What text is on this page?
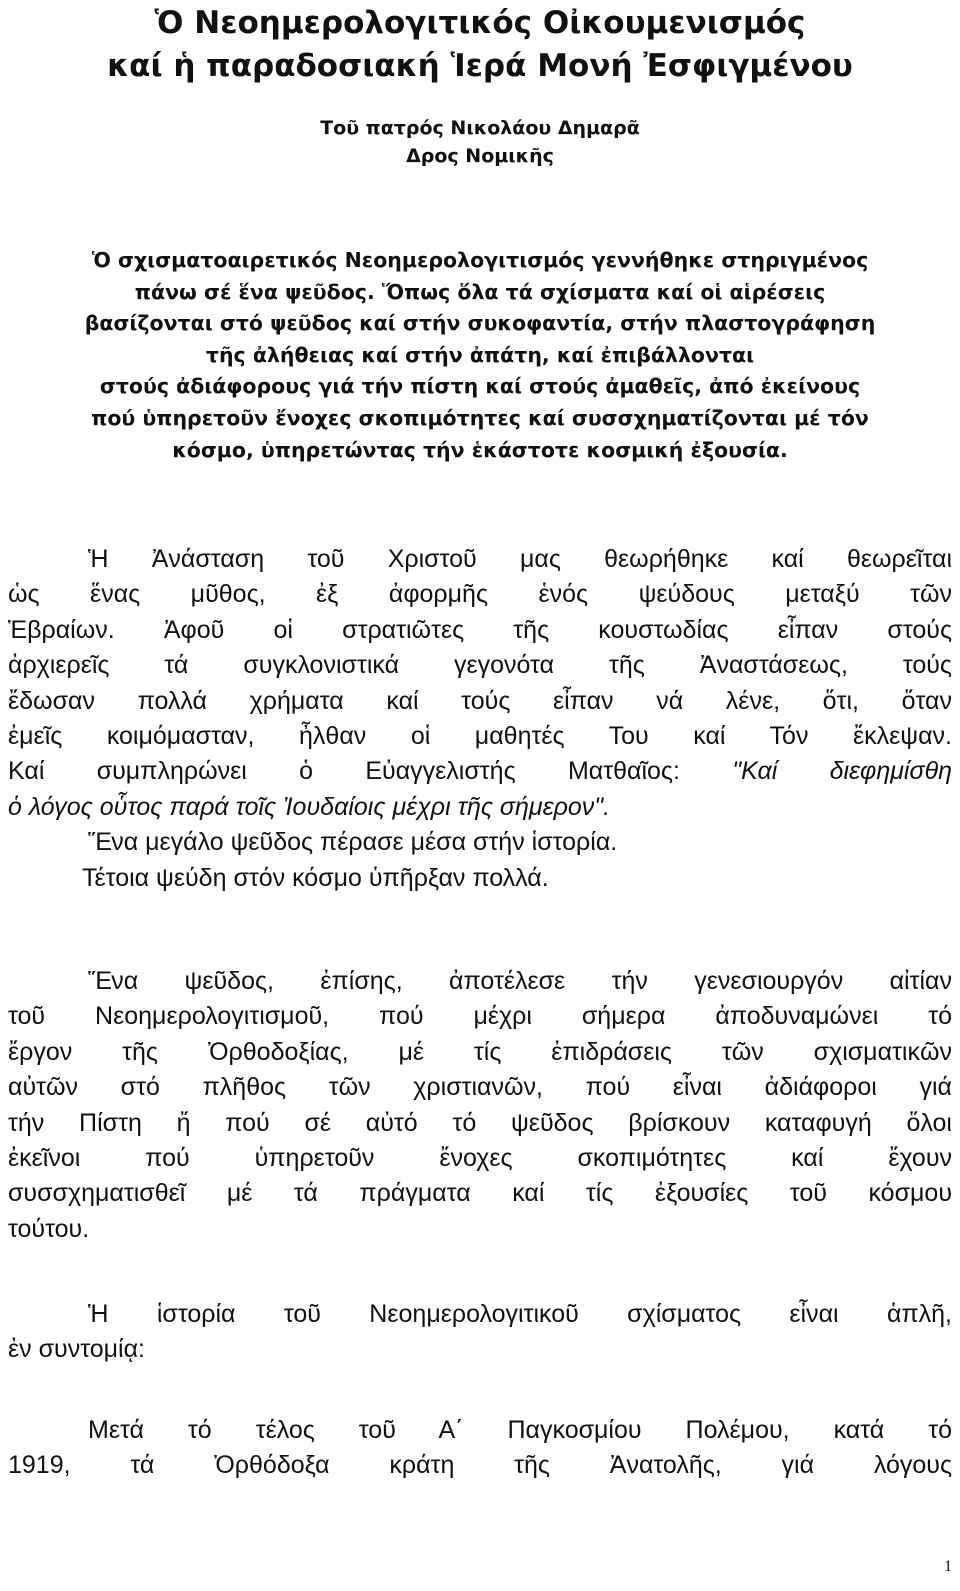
Ὁ Νεοημερολογιτικός Οἰκουμενισμός
καί ἡ παραδοσιακή Ἱερά Μονή Ἐσφιγμένου

Τοῦ πατρός Νικολάου Δημαρᾶ

Δρος Νομικῆς

Ὁ σχισματοαιρετικός Νεοημερολογιτισμός γεννήθηκε στηριγμένος
πάνω σέ ἕνα ψεῦδος. Ὅπως ὅλα τά σχίσματα καί οἱ αἱρέσεις
βασίζονται στό ψεῦδος καί στήν συκοφαντία, στήν πλαστογράφηση
τῆς ἀλήθειας καί στήν ἀπάτη, καί ἐπιβάλλονται
στούς ἀδιάφορους γιά τήν πίστη καί στούς ἀμαθεῖς, ἀπό ἐκείνους
πού ὑπηρετοῦν ἔνοχες σκοπιμότητες καί συσσχηματίζονται μέ τόν
κόσμο, ὑπηρετώντας τήν ἑκάστοτε κοσμική ἐξουσία.
Ἡ Ἀνάσταση τοῦ Χριστοῦ μας θεωρήθηκε καί θεωρεῖται
ὡς ἕνας μῦθος, ἐξ ἀφορμῆς ἑνός ψεύδους μεταξύ τῶν
Ἑβραίων. Ἀφοῦ οἱ στρατιῶτες τῆς κουστωδίας εἶπαν στούς
ἀρχιερεῖς τά συγκλονιστικά γεγονότα τῆς Ἀναστάσεως, τούς
ἔδωσαν πολλά χρήματα καί τούς εἶπαν νά λένε, ὅτι, ὅταν
ἐμεῖς κοιμόμασταν, ἦλθαν οἱ μαθητές Του καί Τόν ἔκλεψαν.
Καί συμπληρώνει ὁ Εὐαγγελιστής Ματθαῖος: "Καί διεφημίσθη
ὁ λόγος οὗτος παρά τοῖς Ἰουδαίοις μέχρι τῆς σήμερον".
Ἕνα μεγάλο ψεῦδος πέρασε μέσα στήν ἱστορία.
Τέτοια ψεύδη στόν κόσμο ὑπῆρξαν πολλά.
Ἕνα ψεῦδος, ἐπίσης, ἀποτέλεσε τήν γενεσιουργόν αἰτίαν
τοῦ Νεοημερολογιτισμοῦ, πού μέχρι σήμερα ἀποδυναμώνει τό
ἔργον τῆς Ὀρθοδοξίας, μέ τίς ἐπιδράσεις τῶν σχισματικῶν
αὐτῶν στό πλῆθος τῶν χριστιανῶν, πού εἶναι ἀδιάφοροι γιά
τήν Πίστη ἤ πού σέ αὐτό τό ψεῦδος βρίσκουν καταφυγή ὅλοι
ἐκεῖνοι πού ὑπηρετοῦν ἔνοχες σκοπιμότητες καί ἔχουν
συσσχηματισθεῖ μέ τά πράγματα καί τίς ἐξουσίες τοῦ κόσμου
τούτου.
Ἡ ἱστορία τοῦ Νεοημερολογιτικοῦ σχίσματος εἶναι ἁπλῆ,
ἐν συντομίᾳ:
Μετά τό τέλος τοῦ Α΄ Παγκοσμίου Πολέμου, κατά τό
1919, τά Ὀρθόδοξα κράτη τῆς Ἀνατολῆς, γιά λόγους
1
